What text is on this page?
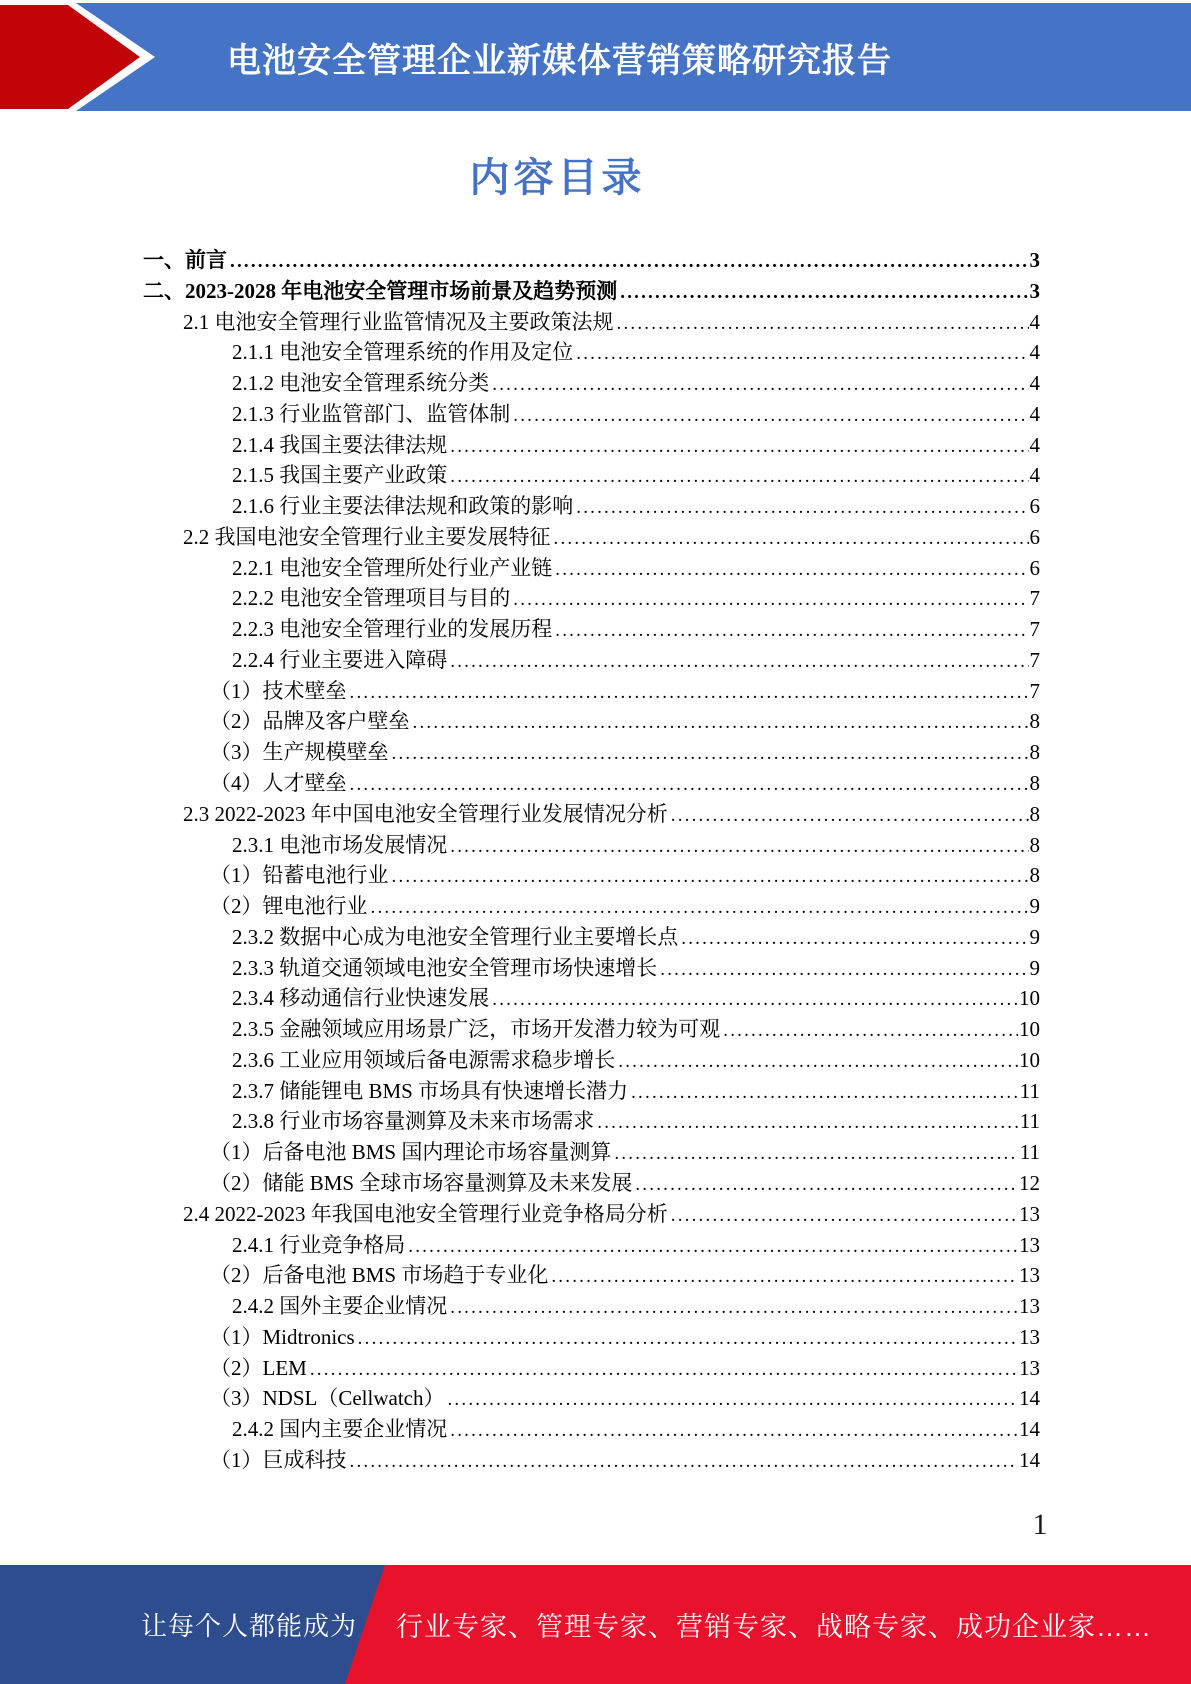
电池安全管理企业新媒体营销策略研究报告
内容目录
一、前言 .....	3
二、2023-2028 年电池安全管理市场前景及趋势预测 .....	3
2.1 电池安全管理行业监管情况及主要政策法规 .....	4
2.1.1 电池安全管理系统的作用及定位 .....	4
2.1.2 电池安全管理系统分类 .....	4
2.1.3 行业监管部门、监管体制 .....	4
2.1.4 我国主要法律法规 .....	4
2.1.5 我国主要产业政策 .....	4
2.1.6 行业主要法律法规和政策的影响 .....	6
2.2 我国电池安全管理行业主要发展特征 .....	6
2.2.1 电池安全管理所处行业产业链 .....	6
2.2.2 电池安全管理项目与目的 .....	7
2.2.3 电池安全管理行业的发展历程 .....	7
2.2.4 行业主要进入障碍 .....	7
（1）技术壁垒 .....	7
（2）品牌及客户壁垒 .....	8
（3）生产规模壁垒 .....	8
（4）人才壁垒 .....	8
2.3 2022-2023 年中国电池安全管理行业发展情况分析 .....	8
2.3.1 电池市场发展情况 .....	8
（1）铅蓄电池行业 .....	8
（2）锂电池行业 .....	9
2.3.2 数据中心成为电池安全管理行业主要增长点 .....	9
2.3.3 轨道交通领域电池安全管理市场快速增长 .....	9
2.3.4 移动通信行业快速发展 .....	10
2.3.5 金融领域应用场景广泛，市场开发潜力较为可观 .....	10
2.3.6 工业应用领域后备电源需求稳步增长 .....	10
2.3.7 储能锂电 BMS 市场具有快速增长潜力 .....	11
2.3.8 行业市场容量测算及未来市场需求 .....	11
（1）后备电池 BMS 国内理论市场容量测算 .....	11
（2）储能 BMS 全球市场容量测算及未来发展 .....	12
2.4 2022-2023 年我国电池安全管理行业竞争格局分析 .....	13
2.4.1 行业竞争格局 .....	13
（2）后备电池 BMS 市场趋于专业化 .....	13
2.4.2 国外主要企业情况 .....	13
（1）Midtronics .....	13
（2）LEM .....	13
（3）NDSL（Cellwatch） .....	14
2.4.2 国内主要企业情况 .....	14
（1）巨成科技 .....	14
1
让每个人都能成为 行业专家、管理专家、营销专家、战略专家、成功企业家……
